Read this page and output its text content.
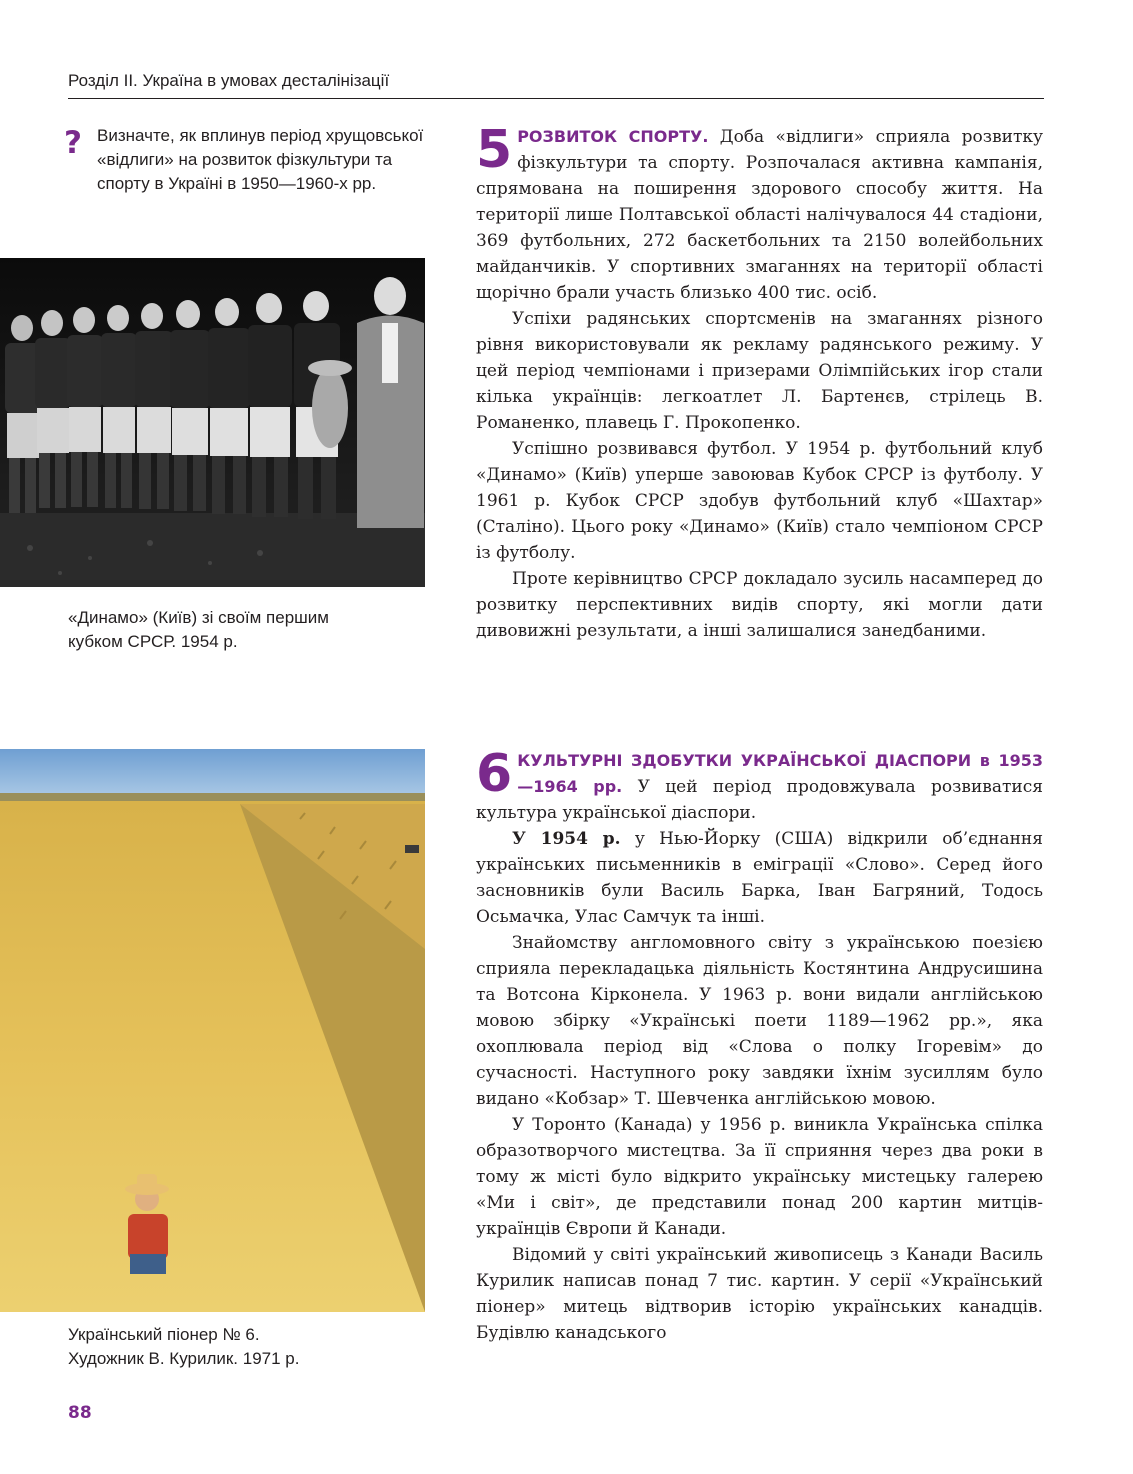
Розділ ІІ. Україна в умовах десталінізації
? Визначте, як вплинув період хрущовської «відлиги» на розвиток фізкультури та спорту в Україні в 1950—1960-х рр.
«Динамо» (Київ) зі своїм першим
кубком СРСР. 1954 р.
Український піонер № 6.
Художник В. Курилик. 1971 р.

5 РОЗВИТОК СПОРТУ. Доба «відлиги» сприяла розвитку фізкультури та спорту. Розпочалася активна кампанія, спрямована на поширення здорового способу життя. На території лише Полтавської області налічувалося 44 стадіони, 369 футбольних, 272 баскетбольних та 2150 волейбольних майданчиків. У спортивних змаганнях на території області щорічно брали участь близько 400 тис. осіб.

Успіхи радянських спортсменів на змаганнях різного рівня використовували як рекламу радянського режиму. У цей період чемпіонами і призерами Олімпійських ігор стали кілька українців: легкоатлет Л. Бартенєв, стрілець В. Романенко, плавець Г. Прокопенко.

Успішно розвивався футбол. У 1954 р. футбольний клуб «Динамо» (Київ) уперше завоював Кубок СРСР із футболу. У 1961 р. Кубок СРСР здобув футбольний клуб «Шахтар» (Сталіно). Цього року «Динамо» (Київ) стало чемпіоном СРСР із футболу.

Проте керівництво СРСР докладало зусиль насамперед до розвитку перспективних видів спорту, які могли дати дивовижні результати, а інші залишалися занедбаними.

6 КУЛЬТУРНІ ЗДОБУТКИ УКРАЇНСЬКОЇ ДІАСПОРИ в 1953—1964 рр. У цей період продовжувала розвиватися культура української діаспори.

У 1954 р. у Нью-Йорку (США) відкрили об’єднання українських письменників в еміграції «Слово». Серед його засновників були Василь Барка, Іван Багряний, Тодось Осьмачка, Улас Самчук та інші.

Знайомству англомовного світу з українською поезією сприяла перекладацька діяльність Костянтина Андрусишина та Вотсона Кірконела. У 1963 р. вони видали англійською мовою збірку «Українські поети 1189—1962 рр.», яка охоплювала період від «Слова о полку Ігоревім» до сучасності. Наступного року завдяки їхнім зусиллям було видано «Кобзар» Т. Шевченка англійською мовою.

У Торонто (Канада) у 1956 р. виникла Українська спілка образотворчого мистецтва. За її сприяння через два роки в тому ж місті було відкрито українську мистецьку галерею «Ми і світ», де представили понад 200 картин митців-українців Європи й Канади.

Відомий у світі український живописець з Канади Василь Курилик написав понад 7 тис. картин. У серії «Український піонер» митець відтворив історію українських канадців. Будівлю канадського

88
